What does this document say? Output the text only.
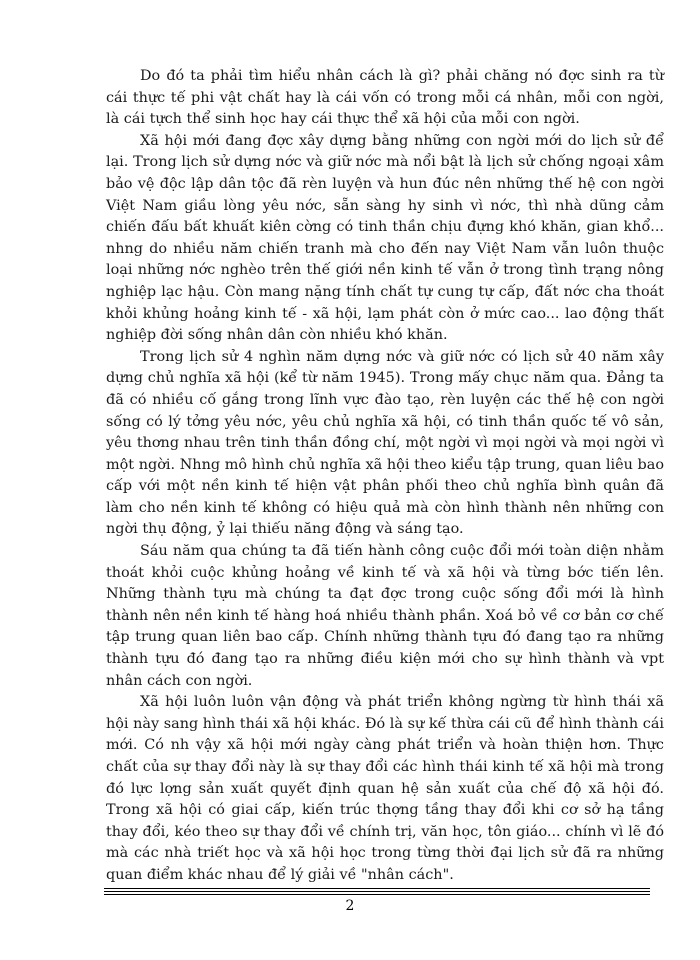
Do đó ta phải tìm hiểu nhân cách là gì? phải chăng nó đợc sinh ra từ cái thực tế phi vật chất hay là cái vốn có trong mỗi cá nhân, mỗi con ngời, là cái tựch thể sinh học hay cái thực thể xã hội của mỗi con ngời.

Xã hội mới đang đợc xây dựng bằng những con ngời mới do lịch sử để lại. Trong lịch sử dựng nớc và giữ nớc mà nổi bật là lịch sử chống ngoại xâm bảo vệ độc lập dân tộc đã rèn luyện và hun đúc nên những thế hệ con ngời Việt Nam giầu lòng yêu nớc, sẵn sàng hy sinh vì nớc, thì nhà dũng cảm chiến đấu bất khuất kiên cờng có tinh thần chịu đựng khó khăn, gian khổ... nhng do nhiều năm chiến tranh mà cho đến nay Việt Nam vẫn luôn thuộc loại những nớc nghèo trên thế giới nền kinh tế vẫn ở trong tình trạng nông nghiệp lạc hậu. Còn mang nặng tính chất tự cung tự cấp, đất nớc cha thoát khỏi khủng hoảng kinh tế - xã hội, lạm phát còn ở mức cao... lao động thất nghiệp đời sống nhân dân còn nhiều khó khăn.

Trong lịch sử 4 nghìn năm dựng nớc và giữ nớc có lịch sử 40 năm xây dựng chủ nghĩa xã hội (kể từ năm 1945). Trong mấy chục năm qua. Đảng ta đã có nhiều cố gắng trong lĩnh vực đào tạo, rèn luyện các thế hệ con ngời sống có lý tởng yêu nớc, yêu chủ nghĩa xã hội, có tinh thần quốc tế vô sản, yêu thơng nhau trên tinh thần đồng chí, một ngời vì mọi ngời và mọi ngời vì một ngời. Nhng mô hình chủ nghĩa xã hội theo kiểu tập trung, quan liêu bao cấp với một nền kinh tế hiện vật phân phối theo chủ nghĩa bình quân đã làm cho nền kinh tế không có hiệu quả mà còn hình thành nên những con ngời thụ động, ỷ lại thiếu năng động và sáng tạo.

Sáu năm qua chúng ta đã tiến hành công cuộc đổi mới toàn diện nhằm thoát khỏi cuộc khủng hoảng về kinh tế và xã hội và từng bớc tiến lên. Những thành tựu mà chúng ta đạt đợc trong cuộc sống đổi mới là hình thành nên nền kinh tế hàng hoá nhiều thành phần. Xoá bỏ về cơ bản cơ chế tập trung quan liên bao cấp. Chính những thành tựu đó đang tạo ra những thành tựu đó đang tạo ra những điều kiện mới cho sự hình thành và vpt nhân cách con ngời.

Xã hội luôn luôn vận động và phát triển không ngừng từ hình thái xã hội này sang hình thái xã hội khác. Đó là sự kế thừa cái cũ để hình thành cái mới. Có nh vậy xã hội mới ngày càng phát triển và hoàn thiện hơn. Thực chất của sự thay đổi này là sự thay đổi các hình thái kinh tế xã hội mà trong đó lực lợng sản xuất quyết định quan hệ sản xuất của chế độ xã hội đó. Trong xã hội có giai cấp, kiến trúc thợng tầng thay đổi khi cơ sở hạ tầng thay đổi, kéo theo sự thay đổi về chính trị, văn học, tôn giáo... chính vì lẽ đó mà các nhà triết học và xã hội học trong từng thời đại lịch sử đã ra những quan điểm khác nhau để lý giải về "nhân cách".

2
